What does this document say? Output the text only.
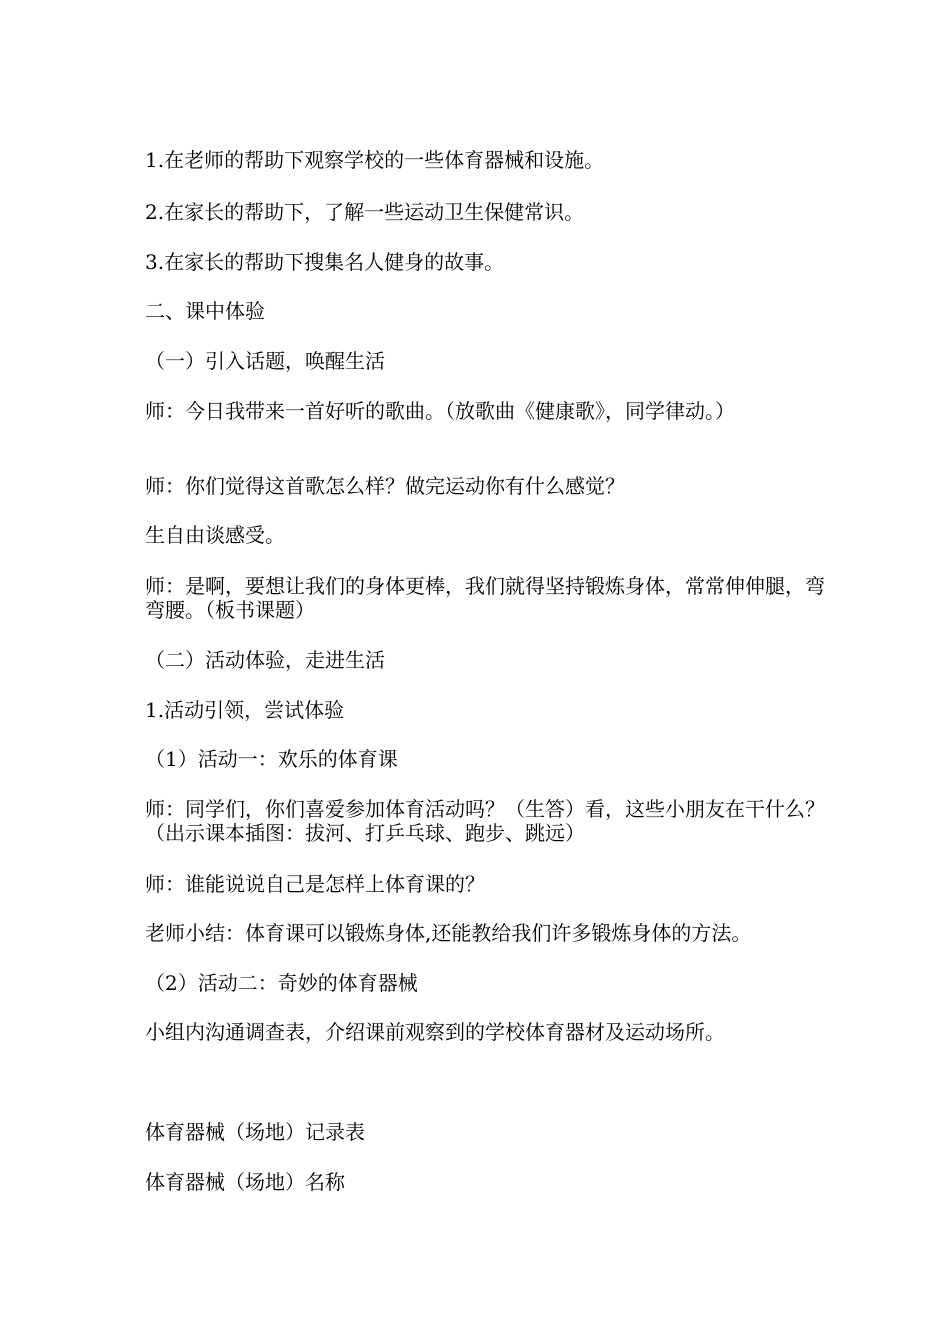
1.在老师的帮助下观察学校的一些体育器械和设施。

2.在家长的帮助下，了解一些运动卫生保健常识。

3.在家长的帮助下搜集名人健身的故事。

二、课中体验

（一）引入话题，唤醒生活

师：今日我带来一首好听的歌曲。（放歌曲《健康歌》，同学律动。）

师：你们觉得这首歌怎么样？做完运动你有什么感觉？

生自由谈感受。

师：是啊，要想让我们的身体更棒，我们就得坚持锻炼身体，常常伸伸腿，弯弯腰。（板书课题）

（二）活动体验，走进生活

1.活动引领，尝试体验

（1）活动一：欢乐的体育课

师：同学们，你们喜爱参加体育活动吗？（生答）看，这些小朋友在干什么？（出示课本插图：拔河、打乒乓球、跑步、跳远）

师：谁能说说自己是怎样上体育课的？

老师小结：体育课可以锻炼身体,还能教给我们许多锻炼身体的方法。

（2）活动二：奇妙的体育器械

小组内沟通调查表，介绍课前观察到的学校体育器材及运动场所。

体育器械（场地）记录表

体育器械（场地）名称
